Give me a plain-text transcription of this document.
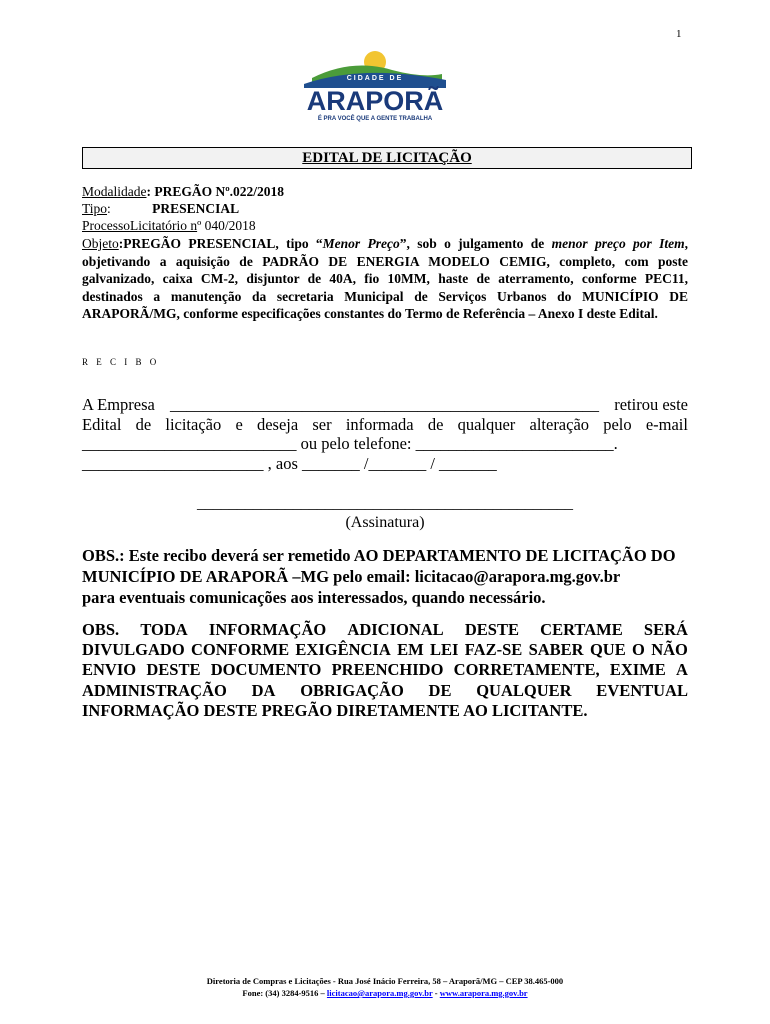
1
CIDADE DE
ARAPORÃ
É PRA VOCÊ QUE A GENTE TRABALHA
EDITAL DE LICITAÇÃO
Modalidade: PREGÃO Nº.022/2018
Tipo:	PRESENCIAL
ProcessoLicitatório nº 040/2018
Objeto:PREGÃO PRESENCIAL, tipo “Menor Preço”, sob o julgamento de menor preço por Item, objetivando a aquisição de PADRÃO DE ENERGIA MODELO CEMIG, completo, com poste galvanizado, caixa CM-2, disjuntor de 40A, fio 10MM, haste de aterramento, conforme PEC11, destinados a manutenção da secretaria Municipal de Serviços Urbanos do MUNICÍPIO DE ARAPORÃ/MG, conforme especificações constantes do Termo de Referência – Anexo I deste Edital.
R E C I B O
A Empresa ____________________________________________________ retirou este
Edital de licitação e deseja ser informada de qualquer alteração pelo e-mail
__________________________ ou pelo telefone: ________________________.
______________________ , aos _______ /_______ / _______
_______________________________________________
(Assinatura)
OBS.: Este recibo deverá ser remetido AO DEPARTAMENTO DE LICITAÇÃO DO
MUNICÍPIO DE ARAPORÃ –MG pelo email: licitacao@arapora.mg.gov.br
para eventuais comunicações aos interessados, quando necessário.
OBS. TODA INFORMAÇÃO ADICIONAL DESTE CERTAME SERÁ
DIVULGADO CONFORME EXIGÊNCIA EM LEI FAZ-SE SABER QUE O NÃO
ENVIO DESTE DOCUMENTO PREENCHIDO CORRETAMENTE, EXIME A
ADMINISTRAÇÃO DA OBRIGAÇÃO DE QUALQUER EVENTUAL
INFORMAÇÃO DESTE PREGÃO DIRETAMENTE AO LICITANTE.
Diretoria de Compras e Licitações - Rua José Inácio Ferreira, 58 – Araporã/MG – CEP 38.465-000
Fone: (34) 3284-9516 – licitacao@arapora.mg.gov.br - www.arapora.mg.gov.br
